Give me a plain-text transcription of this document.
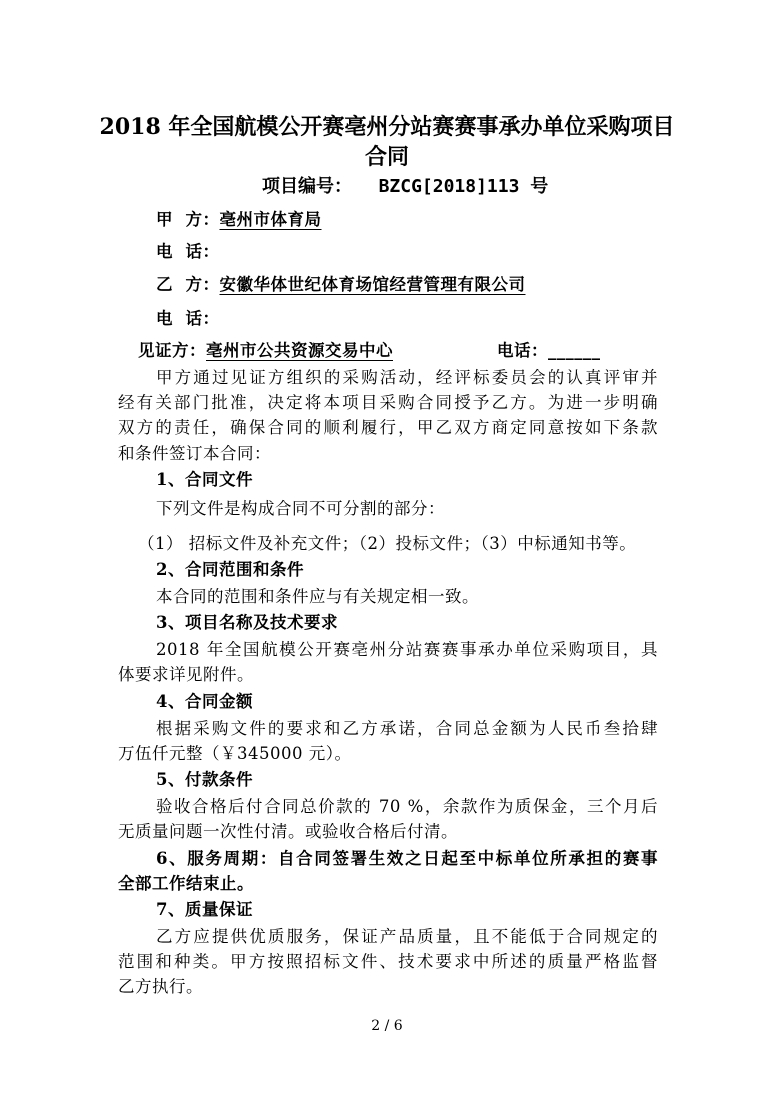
2018 年全国航模公开赛亳州分站赛赛事承办单位采购项目
合同
项目编号： BZCG[2018]113 号
甲  方：亳州市体育局
电  话：
乙  方：安徽华体世纪体育场馆经营管理有限公司
电  话：
见证方：亳州市公共资源交易中心	电话：______
甲方通过见证方组织的采购活动，经评标委员会的认真评审并
经有关部门批准，决定将本项目采购合同授予乙方。为进一步明确
双方的责任，确保合同的顺利履行，甲乙双方商定同意按如下条款
和条件签订本合同：
1、合同文件
下列文件是构成合同不可分割的部分：
（1） 招标文件及补充文件；（2）投标文件；（3）中标通知书等。
2、合同范围和条件
本合同的范围和条件应与有关规定相一致。
3、项目名称及技术要求
2018 年全国航模公开赛亳州分站赛赛事承办单位采购项目，具
体要求详见附件。
4、合同金额
根据采购文件的要求和乙方承诺，合同总金额为人民币叁拾肆
万伍仟元整（￥345000 元）。
5、付款条件
验收合格后付合同总价款的 70 %，余款作为质保金，三个月后
无质量问题一次性付清。或验收合格后付清。
6、服务周期：自合同签署生效之日起至中标单位所承担的赛事
全部工作结束止。
7、质量保证
乙方应提供优质服务，保证产品质量，且不能低于合同规定的
范围和种类。甲方按照招标文件、技术要求中所述的质量严格监督
乙方执行。
2 / 6
